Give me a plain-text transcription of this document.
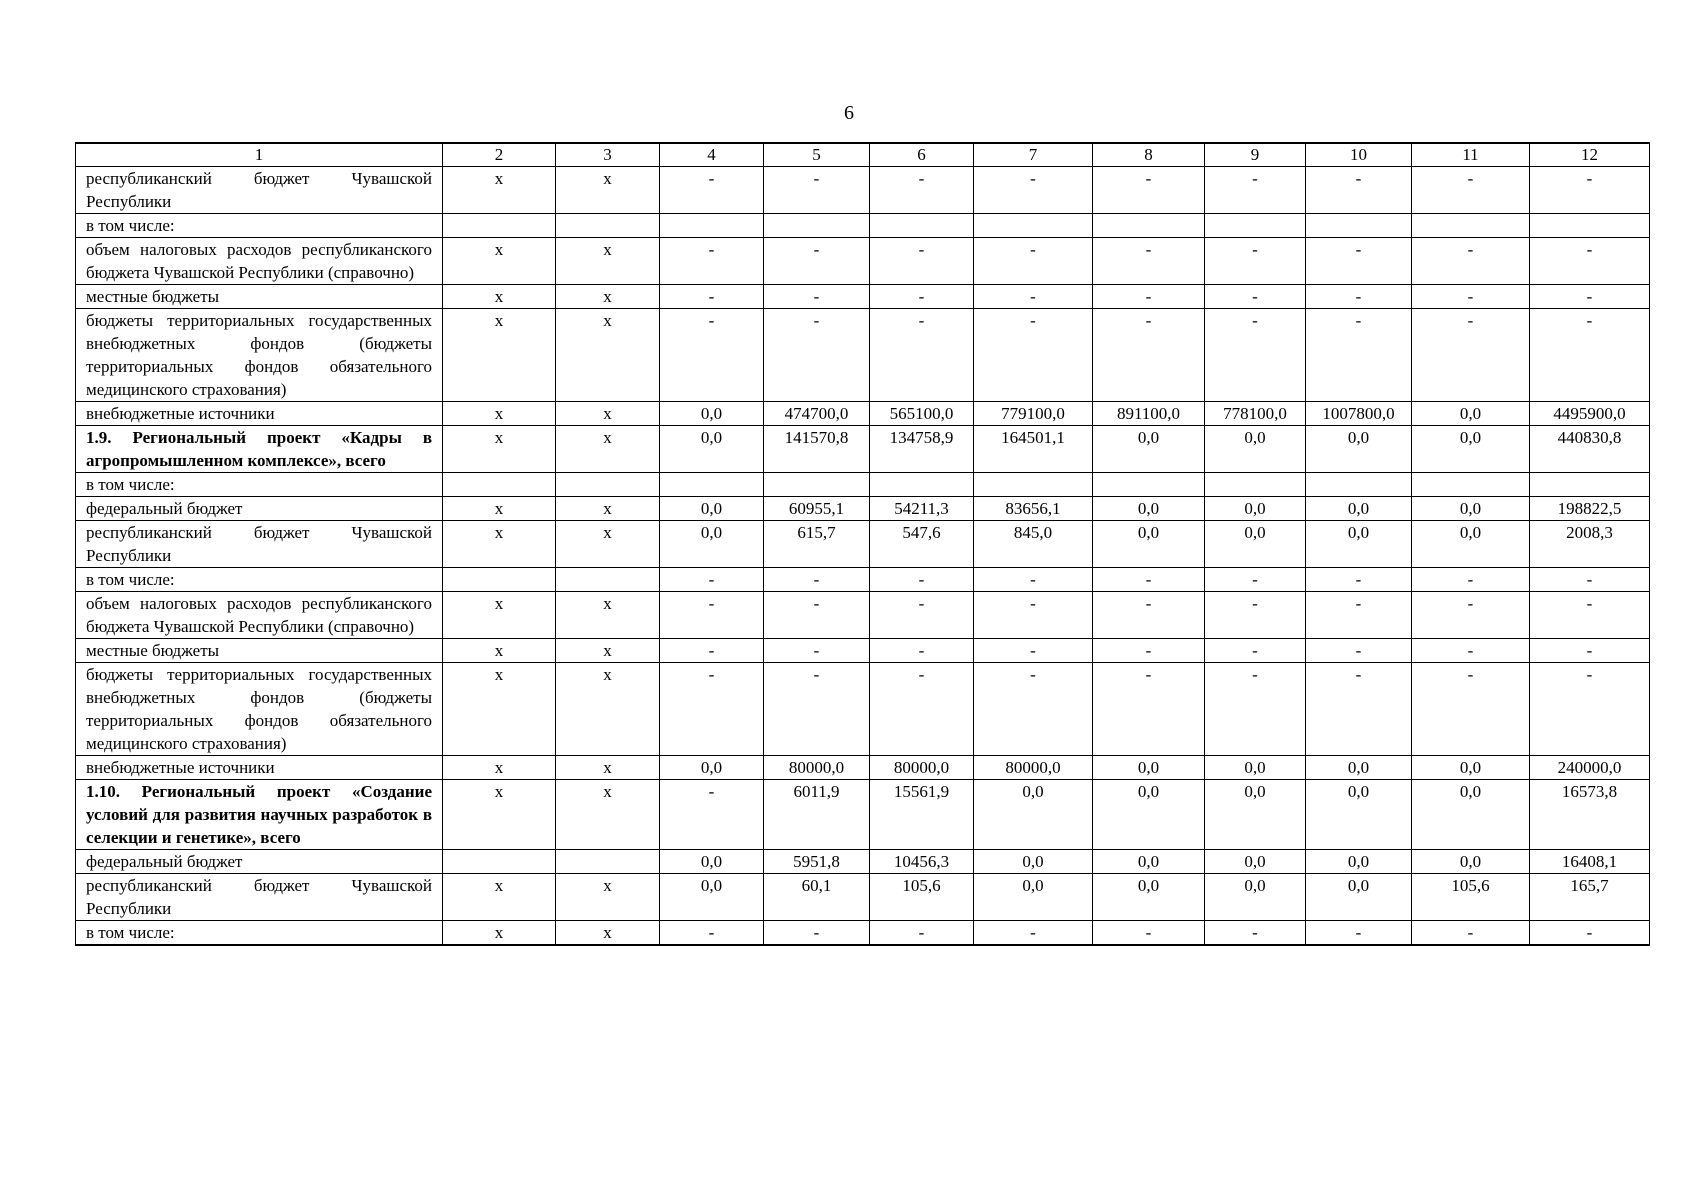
6
1	2	3	4	5	6	7	8	9	10	11	12
республиканский бюджет Чувашской Республики	х	х	-	-	-	-	-	-	-	-	-
в том числе:											
объем налоговых расходов республиканского бюджета Чувашской Республики (справочно)	х	х	-	-	-	-	-	-	-	-	-
местные бюджеты	х	х	-	-	-	-	-	-	-	-	-
бюджеты территориальных государственных внебюджетных фондов (бюджеты территориальных фондов обязательного медицинского страхования)	х	х	-	-	-	-	-	-	-	-	-
внебюджетные источники	х	х	0,0	474700,0	565100,0	779100,0	891100,0	778100,0	1007800,0	0,0	4495900,0
1.9. Региональный проект «Кадры в агропромышленном комплексе», всего	х	х	0,0	141570,8	134758,9	164501,1	0,0	0,0	0,0	0,0	440830,8
в том числе:											
федеральный бюджет	х	х	0,0	60955,1	54211,3	83656,1	0,0	0,0	0,0	0,0	198822,5
республиканский бюджет Чувашской Республики	х	х	0,0	615,7	547,6	845,0	0,0	0,0	0,0	0,0	2008,3
в том числе:			-	-	-	-	-	-	-	-	-
объем налоговых расходов республиканского бюджета Чувашской Республики (справочно)	х	х	-	-	-	-	-	-	-	-	-
местные бюджеты	х	х	-	-	-	-	-	-	-	-	-
бюджеты территориальных государственных внебюджетных фондов (бюджеты территориальных фондов обязательного медицинского страхования)	х	х	-	-	-	-	-	-	-	-	-
внебюджетные источники	х	х	0,0	80000,0	80000,0	80000,0	0,0	0,0	0,0	0,0	240000,0
1.10. Региональный проект «Создание условий для развития научных разработок в селекции и генетике», всего	х	х	-	6011,9	15561,9	0,0	0,0	0,0	0,0	0,0	16573,8
федеральный бюджет			0,0	5951,8	10456,3	0,0	0,0	0,0	0,0	0,0	16408,1
республиканский бюджет Чувашской Республики	х	х	0,0	60,1	105,6	0,0	0,0	0,0	0,0	105,6	165,7
в том числе:	х	х	-	-	-	-	-	-	-	-	-
